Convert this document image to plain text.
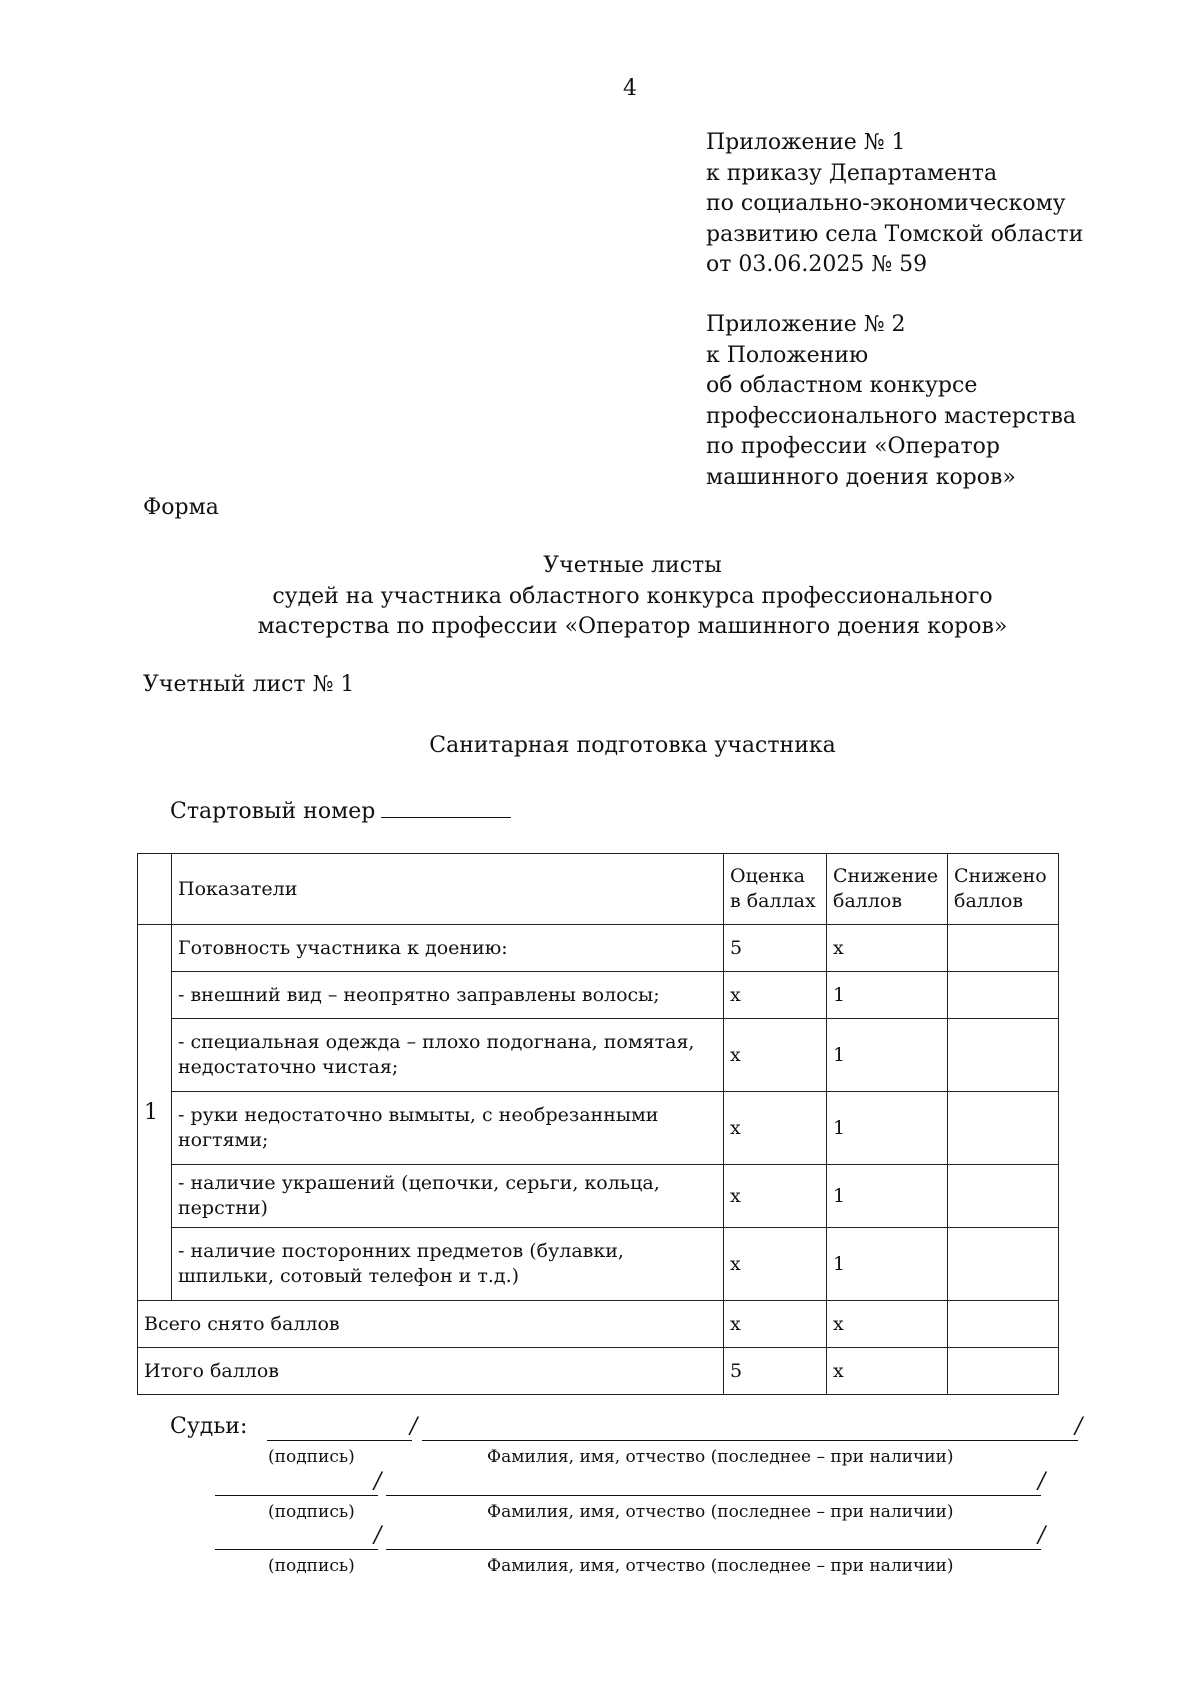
4
Приложение № 1
к приказу Департамента
по социально-экономическому
развитию села Томской области
от 03.06.2025 № 59
Приложение № 2
к Положению
об областном конкурсе
профессионального мастерства
по профессии «Оператор
машинного доения коров»
Форма
Учетные листы
судей на участника областного конкурса профессионального
мастерства по профессии «Оператор машинного доения коров»
Учетный лист № 1
Санитарная подготовка участника
Стартовый номер
	Показатели	Оценка в баллах	Снижение баллов	Снижено баллов
1	Готовность участника к доению:	5	х	
	- внешний вид – неопрятно заправлены волосы;	х	1	
	- специальная одежда – плохо подогнана, помятая, недостаточно чистая;	х	1	
	- руки недостаточно вымыты, с необрезанными ногтями;	х	1	
	- наличие украшений (цепочки, серьги, кольца, перстни)	х	1	
	- наличие посторонних предметов (булавки, шпильки, сотовый телефон и т.д.)	х	1	
Всего снято баллов		х	х	
Итого баллов		5	х	
Судьи:	/	/
(подпись)	Фамилия, имя, отчество (последнее – при наличии)
/	/
(подпись)	Фамилия, имя, отчество (последнее – при наличии)
/	/
(подпись)	Фамилия, имя, отчество (последнее – при наличии)
